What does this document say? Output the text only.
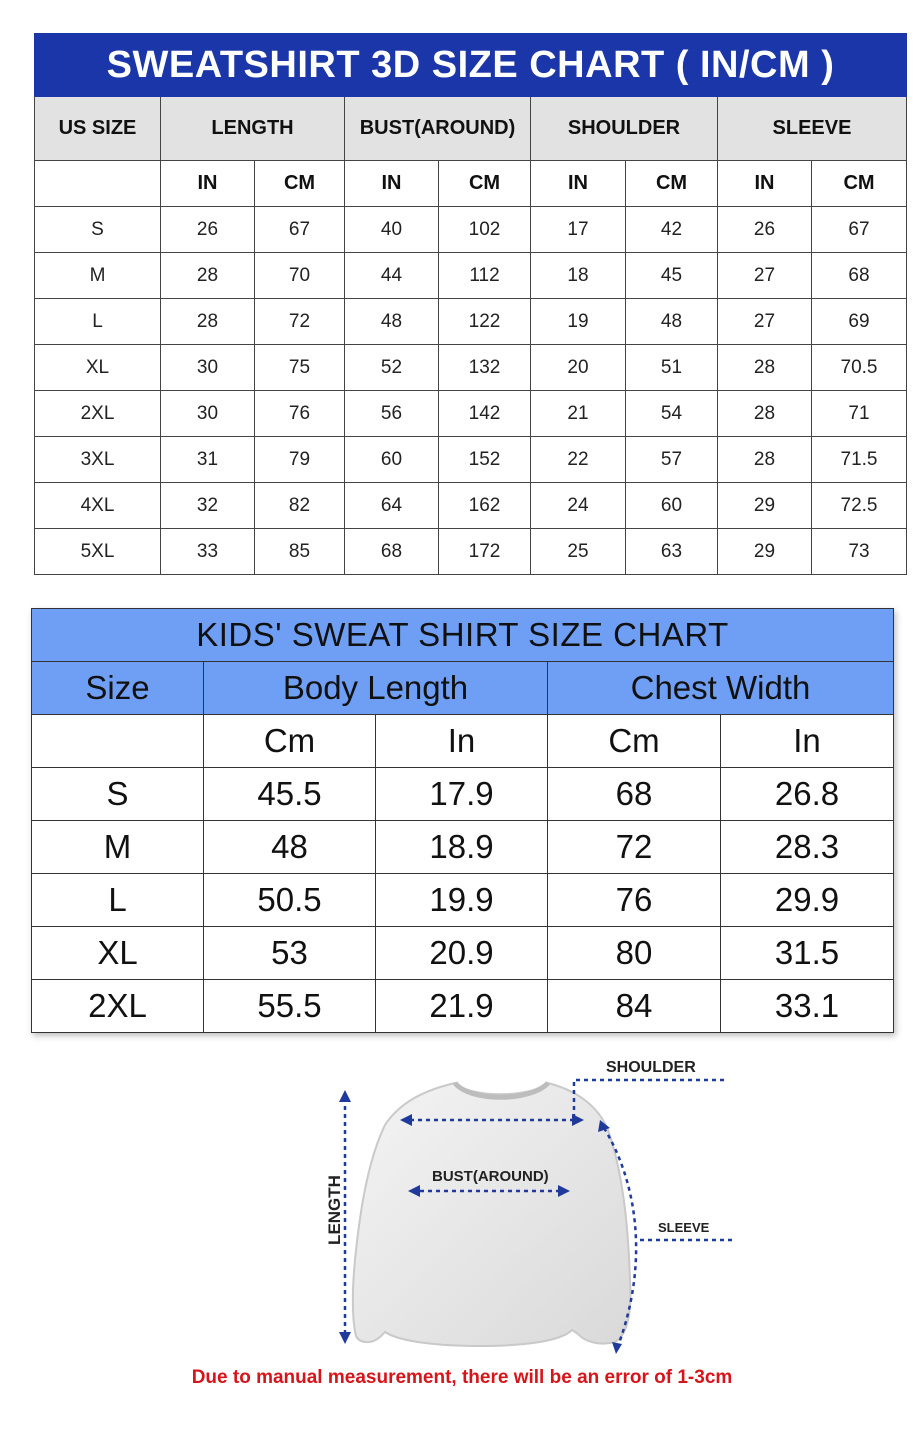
SWEATSHIRT 3D SIZE CHART ( IN/CM )								
US SIZE	LENGTH		BUST(AROUND)		SHOULDER		SLEEVE	
	IN	CM	IN	CM	IN	CM	IN	CM
S	26	67	40	102	17	42	26	67
M	28	70	44	112	18	45	27	68
L	28	72	48	122	19	48	27	69
XL	30	75	52	132	20	51	28	70.5
2XL	30	76	56	142	21	54	28	71
3XL	31	79	60	152	22	57	28	71.5
4XL	32	82	64	162	24	60	29	72.5
5XL	33	85	68	172	25	63	29	73
KIDS' SWEAT SHIRT SIZE CHART				
Size	Body Length		Chest Width	
	Cm	In	Cm	In
S	45.5	17.9	68	26.8
M	48	18.9	72	28.3
L	50.5	19.9	76	29.9
XL	53	20.9	80	31.5
2XL	55.5	21.9	84	33.1
SHOULDER
BUST(AROUND)
SLEEVE
LENGTH
Due to manual measurement, there will be an error of 1-3cm
